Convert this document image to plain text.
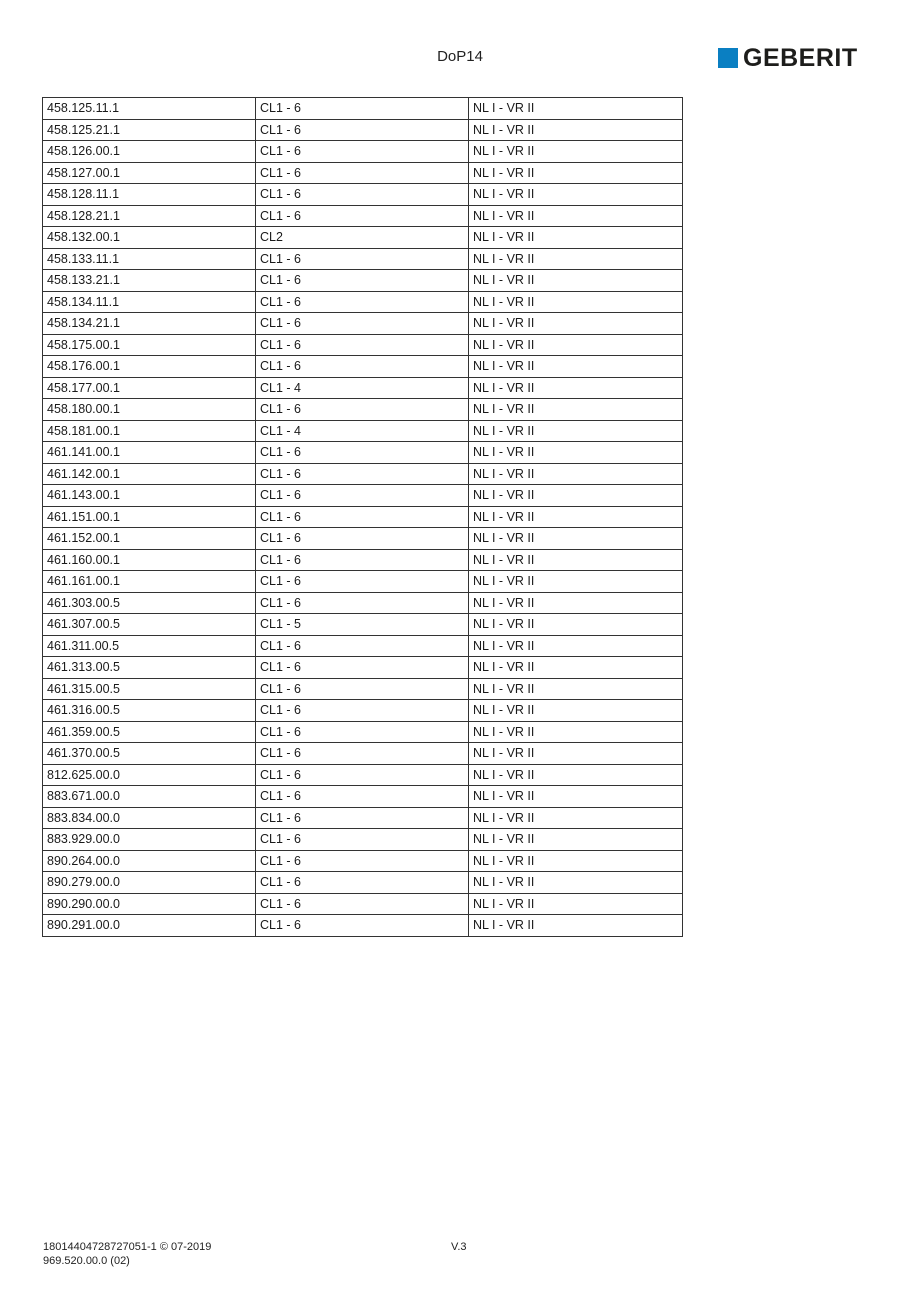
DoP14	GEBERIT
458.125.11.1	CL1 - 6	NL I - VR II
458.125.21.1	CL1 - 6	NL I - VR II
458.126.00.1	CL1 - 6	NL I - VR II
458.127.00.1	CL1 - 6	NL I - VR II
458.128.11.1	CL1 - 6	NL I - VR II
458.128.21.1	CL1 - 6	NL I - VR II
458.132.00.1	CL2	NL I - VR II
458.133.11.1	CL1 - 6	NL I - VR II
458.133.21.1	CL1 - 6	NL I - VR II
458.134.11.1	CL1 - 6	NL I - VR II
458.134.21.1	CL1 - 6	NL I - VR II
458.175.00.1	CL1 - 6	NL I - VR II
458.176.00.1	CL1 - 6	NL I - VR II
458.177.00.1	CL1 - 4	NL I - VR II
458.180.00.1	CL1 - 6	NL I - VR II
458.181.00.1	CL1 - 4	NL I - VR II
461.141.00.1	CL1 - 6	NL I - VR II
461.142.00.1	CL1 - 6	NL I - VR II
461.143.00.1	CL1 - 6	NL I - VR II
461.151.00.1	CL1 - 6	NL I - VR II
461.152.00.1	CL1 - 6	NL I - VR II
461.160.00.1	CL1 - 6	NL I - VR II
461.161.00.1	CL1 - 6	NL I - VR II
461.303.00.5	CL1 - 6	NL I - VR II
461.307.00.5	CL1 - 5	NL I - VR II
461.311.00.5	CL1 - 6	NL I - VR II
461.313.00.5	CL1 - 6	NL I - VR II
461.315.00.5	CL1 - 6	NL I - VR II
461.316.00.5	CL1 - 6	NL I - VR II
461.359.00.5	CL1 - 6	NL I - VR II
461.370.00.5	CL1 - 6	NL I - VR II
812.625.00.0	CL1 - 6	NL I - VR II
883.671.00.0	CL1 - 6	NL I - VR II
883.834.00.0	CL1 - 6	NL I - VR II
883.929.00.0	CL1 - 6	NL I - VR II
890.264.00.0	CL1 - 6	NL I - VR II
890.279.00.0	CL1 - 6	NL I - VR II
890.290.00.0	CL1 - 6	NL I - VR II
890.291.00.0	CL1 - 6	NL I - VR II
18014404728727051-1 © 07-2019
969.520.00.0 (02)
V.3
